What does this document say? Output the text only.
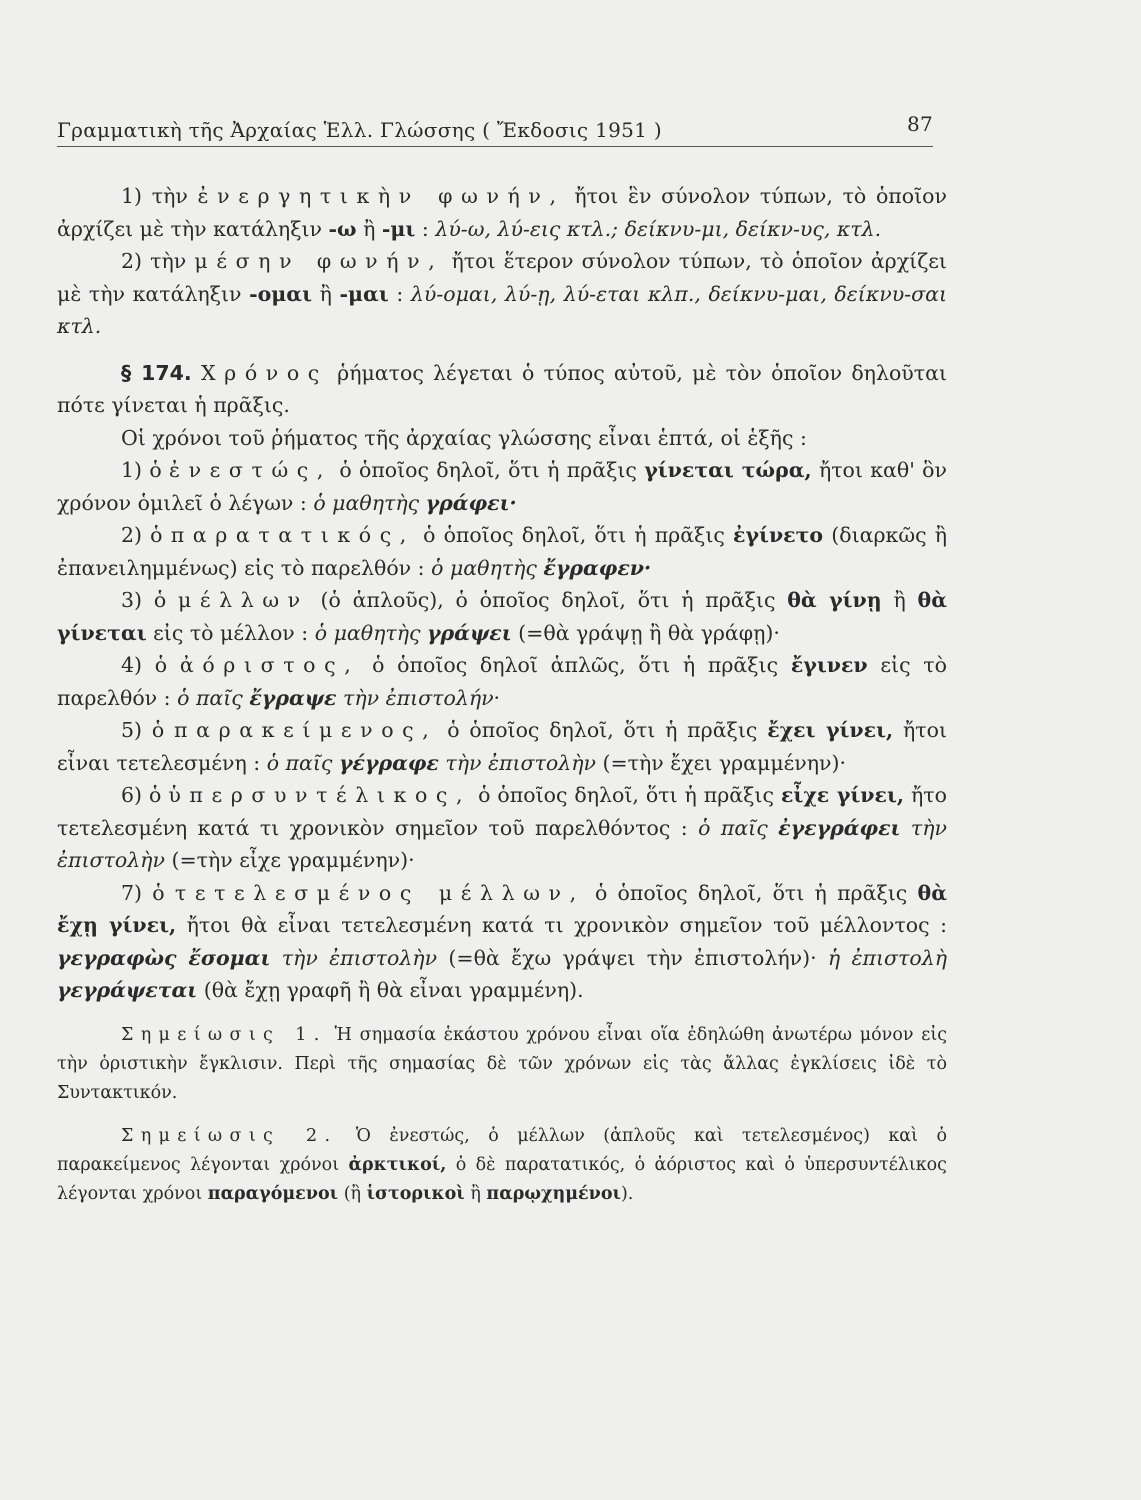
Γραμματικὴ τῆς Ἀρχαίας Ἑλλ. Γλώσσης ( Ἔκδοσις 1951 )	87

1) τὴν ἐνεργητικὴν φωνήν, ἤτοι ἓν σύνολον τύπων, τὸ ὁποῖον ἀρχίζει μὲ τὴν κατάληξιν -ω ἢ -μι : λύ-ω, λύ-εις κτλ.; δείκνυ-μι, δείκν-υς, κτλ.

2) τὴν μέσην φωνήν, ἤτοι ἕτερον σύνολον τύπων, τὸ ὁποῖον ἀρχίζει μὲ τὴν κατάληξιν -ομαι ἢ -μαι : λύ-ομαι, λύ-ῃ, λύ-εται κλπ., δείκνυ-μαι, δείκνυ-σαι κτλ.

§ 174. Χρόνος ῥήματος λέγεται ὁ τύπος αὐτοῦ, μὲ τὸν ὁποῖον δηλοῦται πότε γίνεται ἡ πρᾶξις.

Οἱ χρόνοι τοῦ ῥήματος τῆς ἀρχαίας γλώσσης εἶναι ἑπτά, οἱ ἑξῆς :

1) ὁ ἐνεστώς, ὁ ὁποῖος δηλοῖ, ὅτι ἡ πρᾶξις γίνεται τώρα, ἤτοι καθ' ὃν χρόνον ὁμιλεῖ ὁ λέγων : ὁ μαθητὴς γράφει·

2) ὁ παρατατικός, ὁ ὁποῖος δηλοῖ, ὅτι ἡ πρᾶξις ἐγίνετο (διαρκῶς ἢ ἐπανειλημμένως) εἰς τὸ παρελθόν : ὁ μαθητὴς ἔγραφεν·

3) ὁ μέλλων (ὁ ἁπλοῦς), ὁ ὁποῖος δηλοῖ, ὅτι ἡ πρᾶξις θὰ γίνῃ ἢ θὰ γίνεται εἰς τὸ μέλλον : ὁ μαθητὴς γράψει (=θὰ γράψῃ ἢ θὰ γράφῃ)·

4) ὁ ἀόριστος, ὁ ὁποῖος δηλοῖ ἁπλῶς, ὅτι ἡ πρᾶξις ἔγινεν εἰς τὸ παρελθόν : ὁ παῖς ἔγραψε τὴν ἐπιστολήν·

5) ὁ παρακείμενος, ὁ ὁποῖος δηλοῖ, ὅτι ἡ πρᾶξις ἔχει γίνει, ἤτοι εἶναι τετελεσμένη : ὁ παῖς γέγραφε τὴν ἐπιστολὴν (=τὴν ἔχει γραμμένην)·

6) ὁ ὑπερσυντέλικος, ὁ ὁποῖος δηλοῖ, ὅτι ἡ πρᾶξις εἶχε γίνει, ἤτο τετελεσμένη κατά τι χρονικὸν σημεῖον τοῦ παρελθόντος : ὁ παῖς ἐγεγράφει τὴν ἐπιστολὴν (=τὴν εἶχε γραμμένην)·

7) ὁ τετελεσμένος μέλλων, ὁ ὁποῖος δηλοῖ, ὅτι ἡ πρᾶξις θὰ ἔχῃ γίνει, ἤτοι θὰ εἶναι τετελεσμένη κατά τι χρονικὸν σημεῖον τοῦ μέλλοντος : γεγραφὼς ἔσομαι τὴν ἐπιστολὴν (=θὰ ἔχω γράψει τὴν ἐπιστολήν)· ἡ ἐπιστολὴ γεγράψεται (θὰ ἔχῃ γραφῆ ἢ θὰ εἶναι γραμμένη).

Σημείωσις 1. Ἡ σημασία ἑκάστου χρόνου εἶναι οἵα ἐδηλώθη ἀνωτέρω μόνον εἰς τὴν ὁριστικὴν ἔγκλισιν. Περὶ τῆς σημασίας δὲ τῶν χρόνων εἰς τὰς ἄλλας ἐγκλίσεις ἰδὲ τὸ Συντακτικόν.

Σημείωσις 2. Ὁ ἐνεστώς, ὁ μέλλων (ἁπλοῦς καὶ τετελεσμένος) καὶ ὁ παρακείμενος λέγονται χρόνοι ἀρκτικοί, ὁ δὲ παρατατικός, ὁ ἀόριστος καὶ ὁ ὑπερσυντέλικος λέγονται χρόνοι παραγόμενοι (ἢ ἱστορικοὶ ἢ παρῳχημένοι).
